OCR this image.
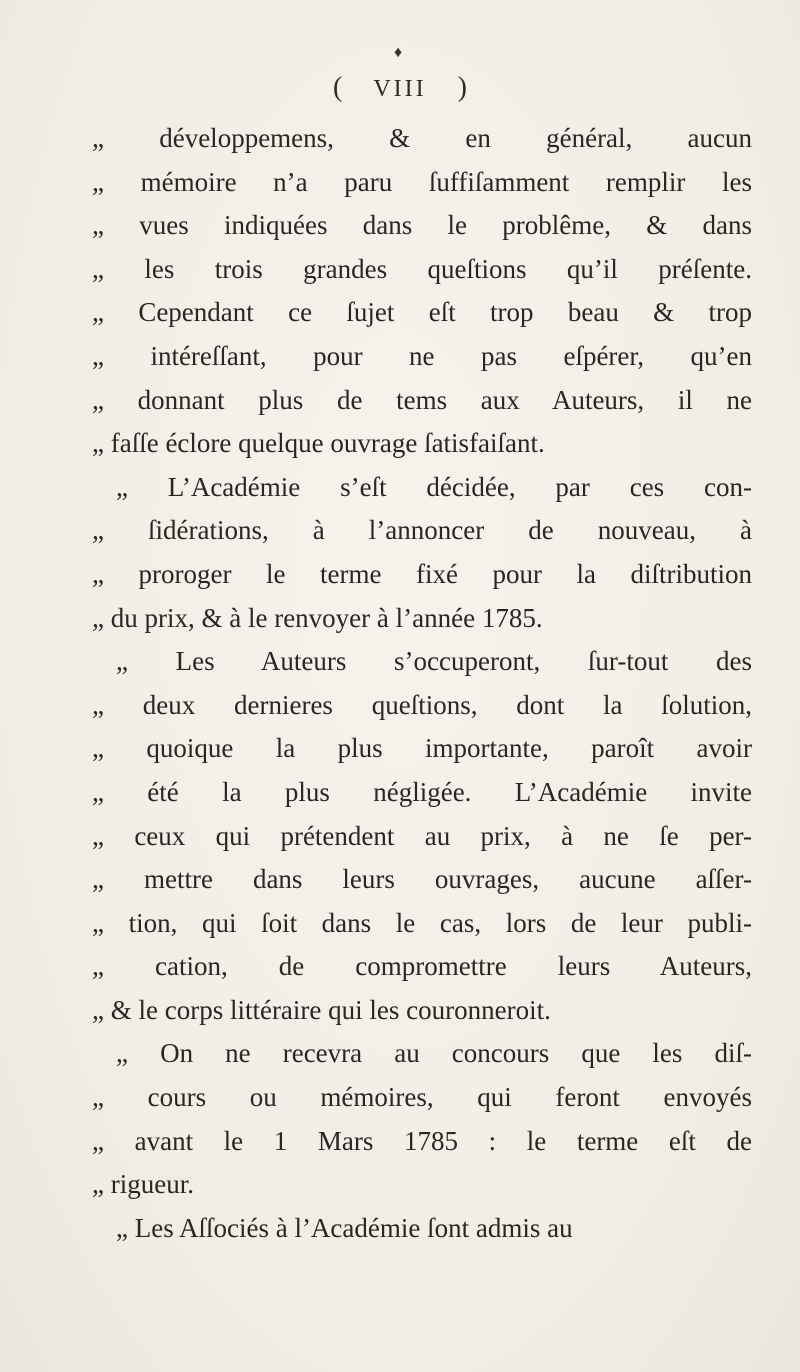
♦
( VIII )
„ développemens, & en général, aucun
„ mémoire n’a paru ſuffiſamment remplir les
„ vues indiquées dans le problême, & dans
„ les trois grandes queſtions qu’il préſente.
„ Cependant ce ſujet eſt trop beau & trop
„ intéreſſant, pour ne pas eſpérer, qu’en
„ donnant plus de tems aux Auteurs, il ne
„ faſſe éclore quelque ouvrage ſatisfaiſant.
„ L’Académie s’eſt décidée, par ces con-
„ ſidérations, à l’annoncer de nouveau, à
„ proroger le terme fixé pour la diſtribution
„ du prix, & à le renvoyer à l’année 1785.
„ Les Auteurs s’occuperont, ſur-tout des
„ deux dernieres queſtions, dont la ſolution,
„ quoique la plus importante, paroît avoir
„ été la plus négligée. L’Académie invite
„ ceux qui prétendent au prix, à ne ſe per-
„ mettre dans leurs ouvrages, aucune aſſer-
„ tion, qui ſoit dans le cas, lors de leur publi-
„ cation, de compromettre leurs Auteurs,
„ & le corps littéraire qui les couronneroit.
„ On ne recevra au concours que les diſ-
„ cours ou mémoires, qui feront envoyés
„ avant le 1 Mars 1785 : le terme eſt de
„ rigueur.
„ Les Aſſociés à l’Académie ſont admis au
